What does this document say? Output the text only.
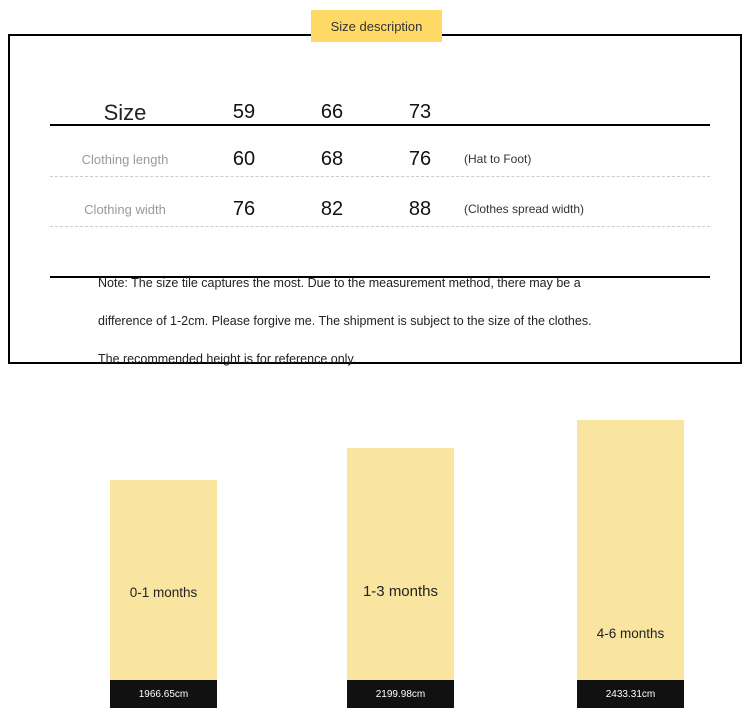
Size description
Size	59	66	73	
Clothing length	60	68	76	(Hat to Foot)
Clothing width	76	82	88	(Clothes spread width)

Note: The size tile captures the most. Due to the measurement method, there may be a

difference of 1-2cm. Please forgive me. The shipment is subject to the size of the clothes.

The recommended height is for reference only.

0-1 months
1966.65cm
1-3 months
2199.98cm
4-6 months
2433.31cm
